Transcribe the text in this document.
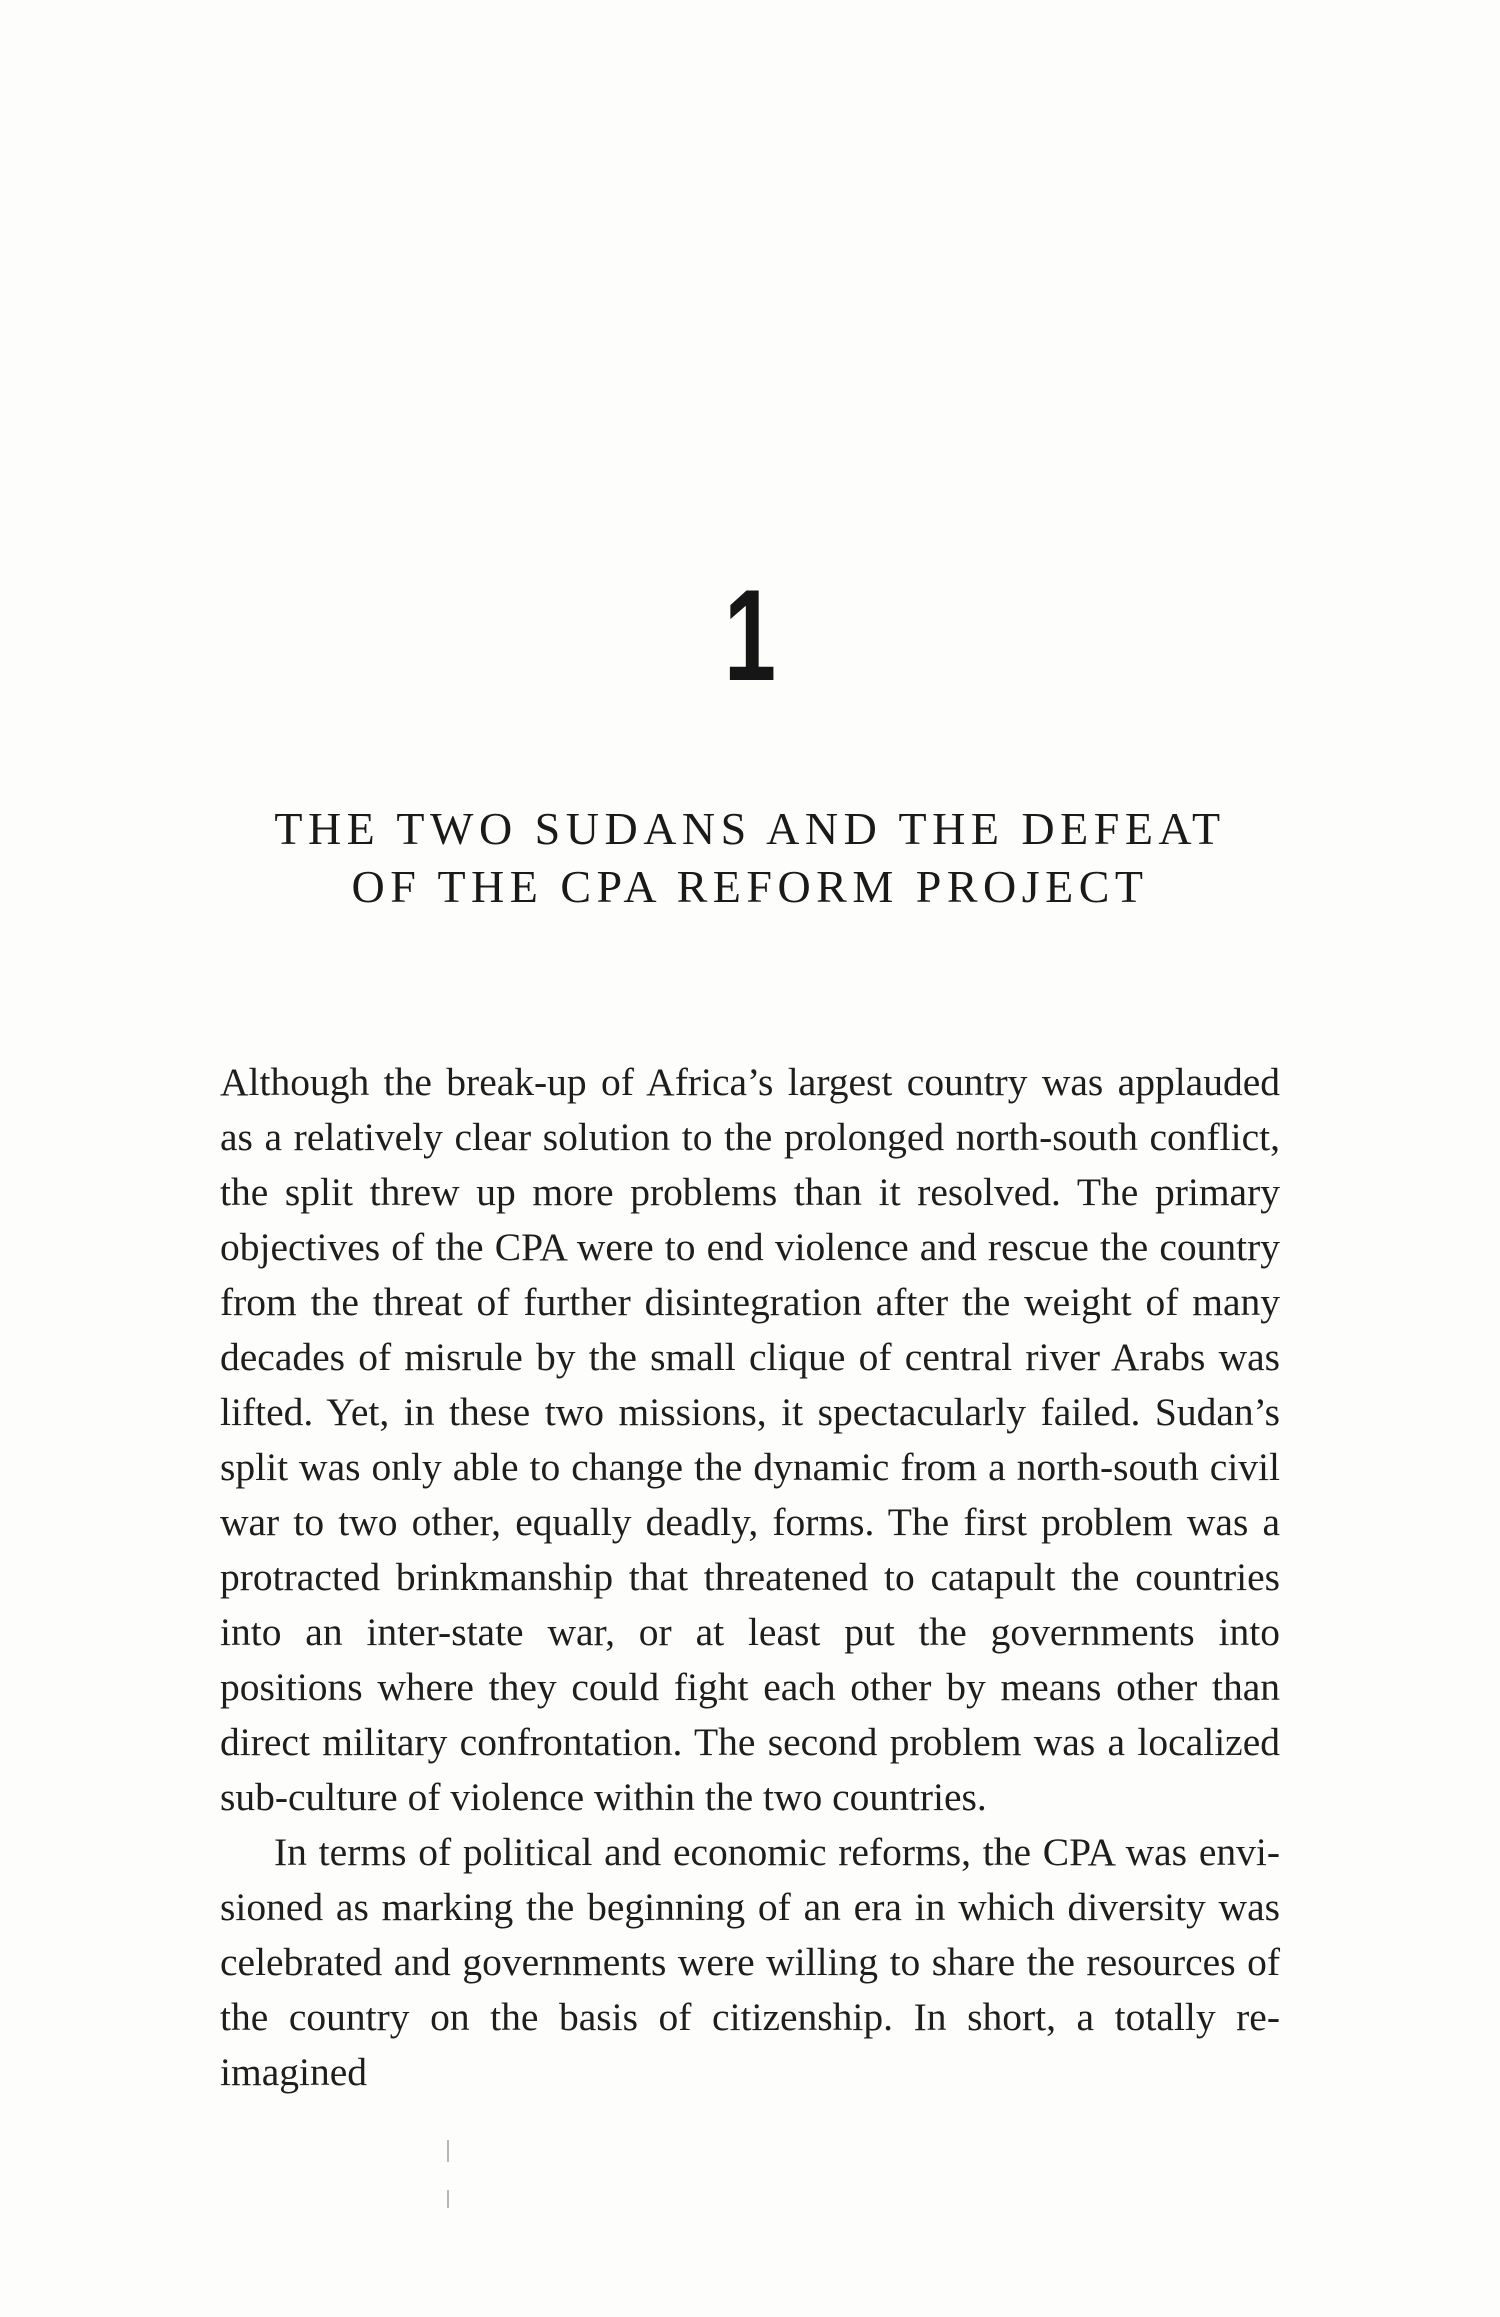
1
THE TWO SUDANS AND THE DEFEAT
OF THE CPA REFORM PROJECT

Although the break-up of Africa’s largest country was applauded as a relatively clear solution to the prolonged north-south conflict, the split threw up more problems than it resolved. The primary objectives of the CPA were to end violence and rescue the country from the threat of further disintegration after the weight of many decades of misrule by the small clique of central river Arabs was lifted. Yet, in these two missions, it spectacularly failed. Sudan’s split was only able to change the dynamic from a north-south civil war to two other, equally deadly, forms. The first problem was a protracted brinkmanship that threatened to catapult the countries into an inter-state war, or at least put the governments into positions where they could fight each other by means other than direct military confrontation. The second problem was a localized sub-culture of violence within the two countries.

In terms of political and economic reforms, the CPA was envisioned as marking the beginning of an era in which diversity was celebrated and governments were willing to share the resources of the country on the basis of citizenship. In short, a totally re-imagined
